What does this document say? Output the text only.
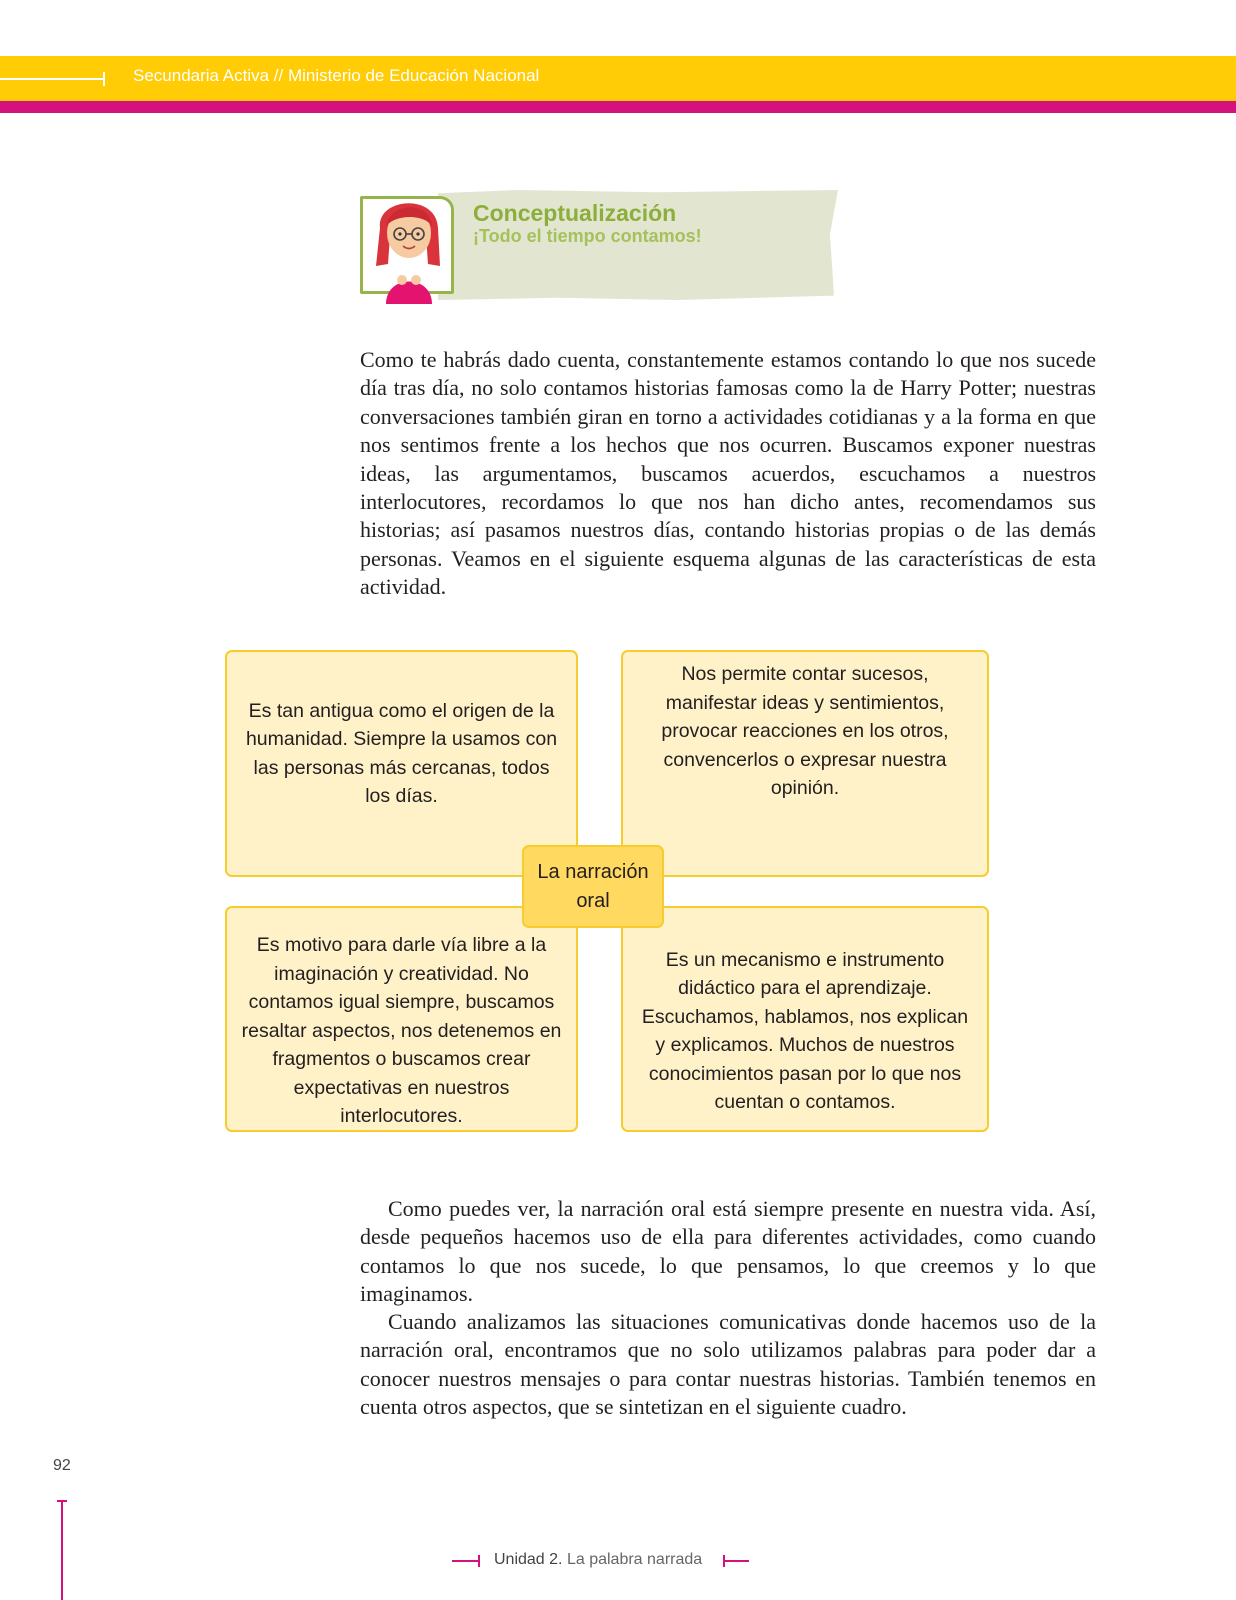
Secundaria Activa // Ministerio de Educación Nacional
Conceptualización
¡Todo el tiempo contamos!

Como te habrás dado cuenta, constantemente estamos contando lo que nos sucede día tras día, no solo contamos historias famosas como la de Harry Potter; nuestras conversaciones también giran en torno a actividades cotidianas y a la forma en que nos sentimos frente a los hechos que nos ocurren. Buscamos exponer nuestras ideas, las argumentamos, buscamos acuerdos, escuchamos a nuestros interlocutores, recordamos lo que nos han dicho antes, recomendamos sus historias; así pasamos nuestros días, contando historias propias o de las demás personas. Veamos en el siguiente esquema algunas de las características de esta actividad.

Es tan antigua como el origen de la humanidad. Siempre la usamos con las personas más cercanas, todos los días.
Nos permite contar sucesos, manifestar ideas y sentimientos, provocar reacciones en los otros, convencerlos o expresar nuestra opinión.
Es motivo para darle vía libre a la imaginación y creatividad. No contamos igual siempre, buscamos resaltar aspectos, nos detenemos en fragmentos o buscamos crear expectativas en nuestros interlocutores.
Es un mecanismo e instrumento didáctico para el aprendizaje. Escuchamos, hablamos, nos explican y explicamos. Muchos de nuestros conocimientos pasan por lo que nos cuentan o contamos.
La narración oral

Como puedes ver, la narración oral está siempre presente en nuestra vida. Así, desde pequeños hacemos uso de ella para diferentes actividades, como cuando contamos lo que nos sucede, lo que pensamos, lo que creemos y lo que imaginamos.

Cuando analizamos las situaciones comunicativas donde hacemos uso de la narración oral, encontramos que no solo utilizamos palabras para poder dar a conocer nuestros mensajes o para contar nuestras historias. También tenemos en cuenta otros aspectos, que se sintetizan en el siguiente cuadro.

92
Unidad 2. La palabra narrada
